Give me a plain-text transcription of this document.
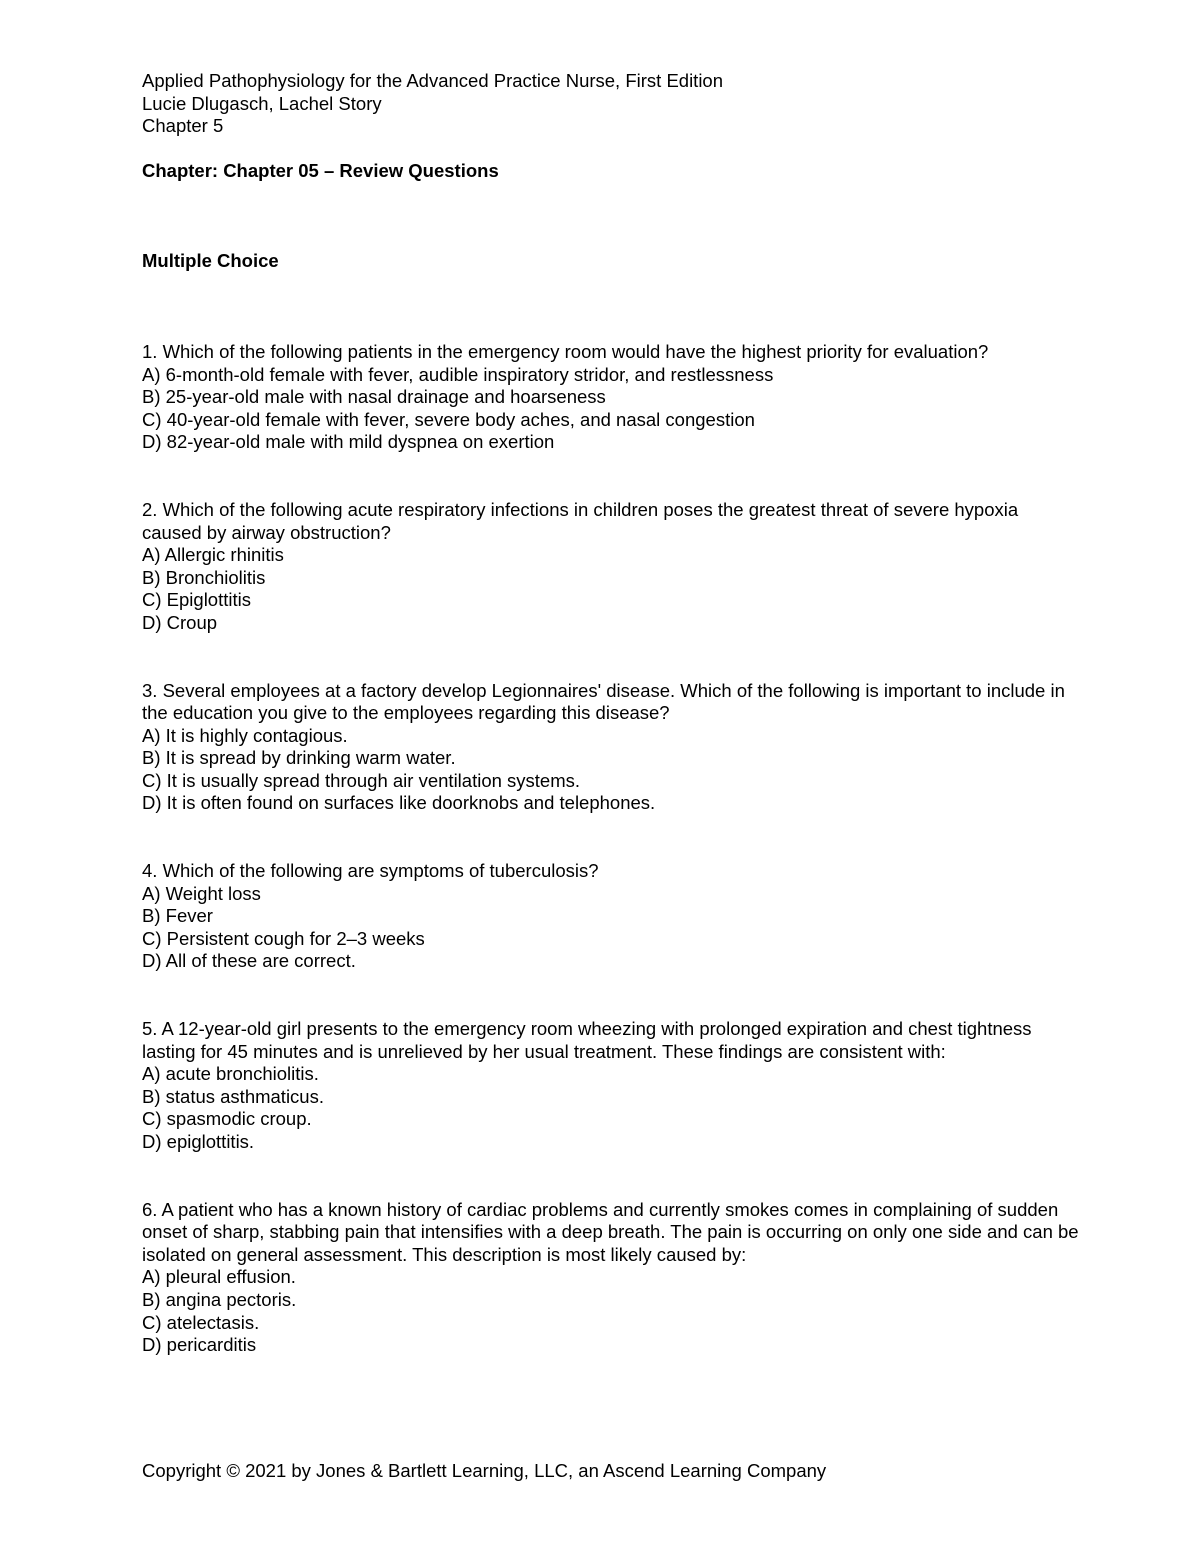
Applied Pathophysiology for the Advanced Practice Nurse, First Edition
Lucie Dlugasch, Lachel Story
Chapter 5
Chapter: Chapter 05 – Review Questions
Multiple Choice
1. Which of the following patients in the emergency room would have the highest priority for evaluation?
A) 6-month-old female with fever, audible inspiratory stridor, and restlessness
B) 25-year-old male with nasal drainage and hoarseness
C) 40-year-old female with fever, severe body aches, and nasal congestion
D) 82-year-old male with mild dyspnea on exertion
2. Which of the following acute respiratory infections in children poses the greatest threat of severe hypoxia caused by airway obstruction?
A) Allergic rhinitis
B) Bronchiolitis
C) Epiglottitis
D) Croup
3. Several employees at a factory develop Legionnaires' disease. Which of the following is important to include in the education you give to the employees regarding this disease?
A) It is highly contagious.
B) It is spread by drinking warm water.
C) It is usually spread through air ventilation systems.
D) It is often found on surfaces like doorknobs and telephones.
4. Which of the following are symptoms of tuberculosis?
A) Weight loss
B) Fever
C) Persistent cough for 2–3 weeks
D) All of these are correct.
5. A 12-year-old girl presents to the emergency room wheezing with prolonged expiration and chest tightness lasting for 45 minutes and is unrelieved by her usual treatment. These findings are consistent with:
A) acute bronchiolitis.
B) status asthmaticus.
C) spasmodic croup.
D) epiglottitis.
6. A patient who has a known history of cardiac problems and currently smokes comes in complaining of sudden onset of sharp, stabbing pain that intensifies with a deep breath. The pain is occurring on only one side and can be isolated on general assessment. This description is most likely caused by:
A) pleural effusion.
B) angina pectoris.
C) atelectasis.
D) pericarditis
Copyright © 2021 by Jones & Bartlett Learning, LLC, an Ascend Learning Company
